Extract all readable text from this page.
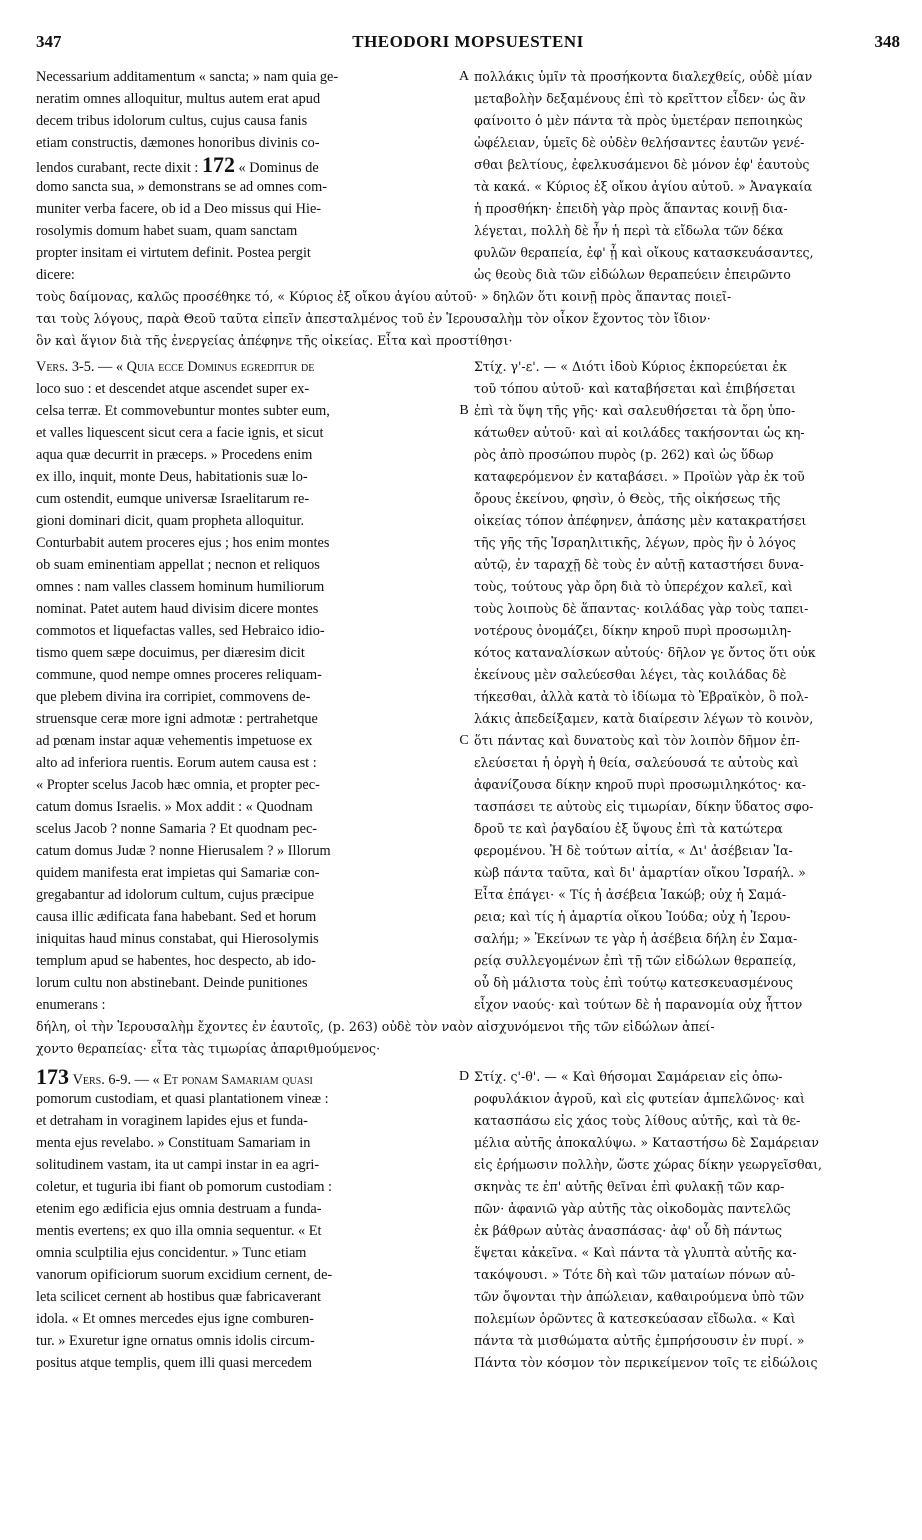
347	THEODORI MOPSUESTENI	348
Necessarium additamentum « sancta; » nam quia ge-
neratim omnes alloquitur, multus autem erat apud
decem tribus idolorum cultus, cujus causa fanis
etiam constructis, dæmones honoribus divinis co-
lendos curabant, recte dixit : 172 « Dominus de
domo sancta sua, » demonstrans se ad omnes com-
muniter verba facere, ob id a Deo missus qui Hie-
rosolymis domum habet suam, quam sanctam
propter insitam ei virtutem definit. Postea pergit
dicere:
A πολλάκις ὑμῖν τὰ προσήκοντα διαλεχθείς, οὐδὲ μίαν
μεταβολὴν δεξαμένους ἐπὶ τὸ κρεῖττον εἶδεν· ὡς ἂν
φαίνοιτο ὁ μὲν πάντα τὰ πρὸς ὑμετέραν πεποιηκὼς
ὠφέλειαν, ὑμεῖς δὲ οὐδὲν θελήσαντες ἑαυτῶν γενέ-
σθαι βελτίους, ἐφελκυσάμενοι δὲ μόνον ἐφ' ἑαυτοὺς
τὰ κακά. « Κύριος ἐξ οἴκου ἁγίου αὐτοῦ. » Ἀναγκαία
ἡ προσθήκη· ἐπειδὴ γὰρ πρὸς ἅπαντας κοινῇ δια-
λέγεται, πολλὴ δὲ ἦν ἡ περὶ τὰ εἴδωλα τῶν δέκα
φυλῶν θεραπεία, ἐφ' ᾗ καὶ οἴκους κατασκευάσαντες,
ὡς θεοὺς διὰ τῶν εἰδώλων θεραπεύειν ἐπειρῶντο
τοὺς δαίμονας, καλῶς προσέθηκε τό, « Κύριος ἐξ οἴκου ἁγίου αὐτοῦ· » δηλῶν ὅτι κοινῇ πρὸς ἅπαντας ποιεῖ-
ται τοὺς λόγους, παρὰ Θεοῦ ταῦτα εἰπεῖν ἀπεσταλμένος τοῦ ἐν Ἱερουσαλὴμ τὸν οἶκον ἔχοντος τὸν ἴδιον·
ὃν καὶ ἅγιον διὰ τῆς ἐνεργείας ἀπέφηνε τῆς οἰκείας. Εἶτα καὶ προστίθησι·
Vers. 3-5. — « Quia ecce Dominus egreditur de
loco suo : et descendet atque ascendet super ex-
celsa terræ. Et commovebuntur montes subter eum,
et valles liquescent sicut cera a facie ignis, et sicut
aqua quæ decurrit in præceps. » Procedens enim
ex illo, inquit, monte Deus, habitationis suæ lo-
cum ostendit, eumque universæ Israelitarum re-
gioni dominari dicit, quam propheta alloquitur.
Conturbabit autem proceres ejus ; hos enim montes
ob suam eminentiam appellat ; necnon et reliquos
omnes : nam valles classem hominum humiliorum
nominat. Patet autem haud divisim dicere montes
commotos et liquefactas valles, sed Hebraico idio-
tismo quem sæpe docuimus, per diæresim dicit
commune, quod nempe omnes proceres reliquam-
que plebem divina ira corripiet, commovens de-
struensque ceræ more igni admotæ : pertrahetque
ad pœnam instar aquæ vehementis impetuose ex
alto ad inferiora ruentis. Eorum autem causa est :
« Propter scelus Jacob hæc omnia, et propter pec-
catum domus Israelis. » Mox addit : « Quodnam
scelus Jacob ? nonne Samaria ? Et quodnam pec-
catum domus Judæ ? nonne Hierusalem ? » Illorum
quidem manifesta erat impietas qui Samariæ con-
gregabantur ad idolorum cultum, cujus præcipue
causa illic ædificata fana habebant. Sed et horum
iniquitas haud minus constabat, qui Hierosolymis
templum apud se habentes, hoc despecto, ab ido-
lorum cultu non abstinebant. Deinde punitiones
enumerans :
B
C
Στίχ. γ'-ε'. — « Διότι ἰδοὺ Κύριος ἐκπορεύεται ἐκ
τοῦ τόπου αὐτοῦ· καὶ καταβήσεται καὶ ἐπιβήσεται
ἐπὶ τὰ ὕψη τῆς γῆς· καὶ σαλευθήσεται τὰ ὄρη ὑπο-
κάτωθεν αὐτοῦ· καὶ αἱ κοιλάδες τακήσονται ὡς κη-
ρὸς ἀπὸ προσώπου πυρὸς (p. 262) καὶ ὡς ὕδωρ
καταφερόμενον ἐν καταβάσει. » Προϊὼν γὰρ ἐκ τοῦ
ὄρους ἐκείνου, φησὶν, ὁ Θεὸς, τῆς οἰκήσεως τῆς
οἰκείας τόπον ἀπέφηνεν, ἁπάσης μὲν κατακρατήσει
τῆς γῆς τῆς Ἰσραηλιτικῆς, λέγων, πρὸς ἣν ὁ λόγος
αὐτῷ, ἐν ταραχῇ δὲ τοὺς ἐν αὐτῇ καταστήσει δυνα-
τοὺς, τούτους γὰρ ὄρη διὰ τὸ ὑπερέχον καλεῖ, καὶ
τοὺς λοιποὺς δὲ ἅπαντας· κοιλάδας γὰρ τοὺς ταπει-
νοτέρους ὀνομάζει, δίκην κηροῦ πυρὶ προσωμιλη-
κότος καταναλίσκων αὐτούς· δῆλον γε ὄντος ὅτι οὐκ
ἐκείνους μὲν σαλεύεσθαι λέγει, τὰς κοιλάδας δὲ
τήκεσθαι, ἀλλὰ κατὰ τὸ ἰδίωμα τὸ Ἑβραϊκὸν, ὃ πολ-
λάκις ἀπεδείξαμεν, κατὰ διαίρεσιν λέγων τὸ κοινὸν,
ὅτι πάντας καὶ δυνατοὺς καὶ τὸν λοιπὸν δῆμον ἐπ-
ελεύσεται ἡ ὀργὴ ἡ θεία, σαλεύουσά τε αὐτοὺς καὶ
ἀφανίζουσα δίκην κηροῦ πυρὶ προσωμιληκότος· κα-
τασπάσει τε αὐτοὺς εἰς τιμωρίαν, δίκην ὕδατος σφο-
δροῦ τε καὶ ῥαγδαίου ἐξ ὕψους ἐπὶ τὰ κατώτερα
φερομένου. Ἡ δὲ τούτων αἰτία, « Δι' ἀσέβειαν Ἰα-
κὼβ πάντα ταῦτα, καὶ δι' ἁμαρτίαν οἴκου Ἰσραήλ. »
Εἶτα ἐπάγει· « Τίς ἡ ἀσέβεια Ἰακώβ; οὐχ ἡ Σαμά-
ρεια; καὶ τίς ἡ ἁμαρτία οἴκου Ἰούδα; οὐχ ἡ Ἱερου-
σαλήμ; » Ἐκείνων τε γὰρ ἡ ἀσέβεια δήλη ἐν Σαμα-
ρείᾳ συλλεγομένων ἐπὶ τῇ τῶν εἰδώλων θεραπείᾳ,
οὗ δὴ μάλιστα τοὺς ἐπὶ τούτῳ κατεσκευασμένους
εἶχον ναούς· καὶ τούτων δὲ ἡ παρανομία οὐχ ἧττον
δήλη, οἱ τὴν Ἱερουσαλὴμ ἔχοντες ἐν ἑαυτοῖς, (p. 263) οὐδὲ τὸν ναὸν αἰσχυνόμενοι τῆς τῶν εἰδώλων ἀπεί-
χοντο θεραπείας· εἶτα τὰς τιμωρίας ἀπαριθμούμενος·
173 Vers. 6-9. — « Et ponam Samariam quasi
pomorum custodiam, et quasi plantationem vineæ :
et detraham in voraginem lapides ejus et funda-
menta ejus revelabo. » Constituam Samariam in
solitudinem vastam, ita ut campi instar in ea agri-
coletur, et tuguria ibi fiant ob pomorum custodiam :
etenim ego ædificia ejus omnia destruam a funda-
mentis evertens; ex quo illa omnia sequentur. « Et
omnia sculptilia ejus concidentur. » Tunc etiam
vanorum opificiorum suorum excidium cernent, de-
leta scilicet cernent ab hostibus quæ fabricaverant
idola. « Et omnes mercedes ejus igne comburen-
tur. » Exuretur igne ornatus omnis idolis circum-
positus atque templis, quem illi quasi mercedem
D Στίχ. ς'-θ'. — « Καὶ θήσομαι Σαμάρειαν εἰς ὀπω-
ροφυλάκιον ἀγροῦ, καὶ εἰς φυτείαν ἀμπελῶνος· καὶ
κατασπάσω εἰς χάος τοὺς λίθους αὐτῆς, καὶ τὰ θε-
μέλια αὐτῆς ἀποκαλύψω. » Καταστήσω δὲ Σαμάρειαν
εἰς ἐρήμωσιν πολλὴν, ὥστε χώρας δίκην γεωργεῖσθαι,
σκηνὰς τε ἐπ' αὐτῆς θεῖναι ἐπὶ φυλακῇ τῶν καρ-
πῶν· ἀφανιῶ γὰρ αὐτῆς τὰς οἰκοδομὰς παντελῶς
ἐκ βάθρων αὐτὰς ἀνασπάσας· ἀφ' οὗ δὴ πάντως
ἕψεται κἀκεῖνα. « Καὶ πάντα τὰ γλυπτὰ αὐτῆς κα-
τακόψουσι. » Τότε δὴ καὶ τῶν ματαίων πόνων αὐ-
τῶν ὄψονται τὴν ἀπώλειαν, καθαιρούμενα ὑπὸ τῶν
πολεμίων ὁρῶντες ἃ κατεσκεύασαν εἴδωλα. « Καὶ
πάντα τὰ μισθώματα αὐτῆς ἐμπρήσουσιν ἐν πυρί. »
Πάντα τὸν κόσμον τὸν περικείμενον τοῖς τε εἰδώλοις
